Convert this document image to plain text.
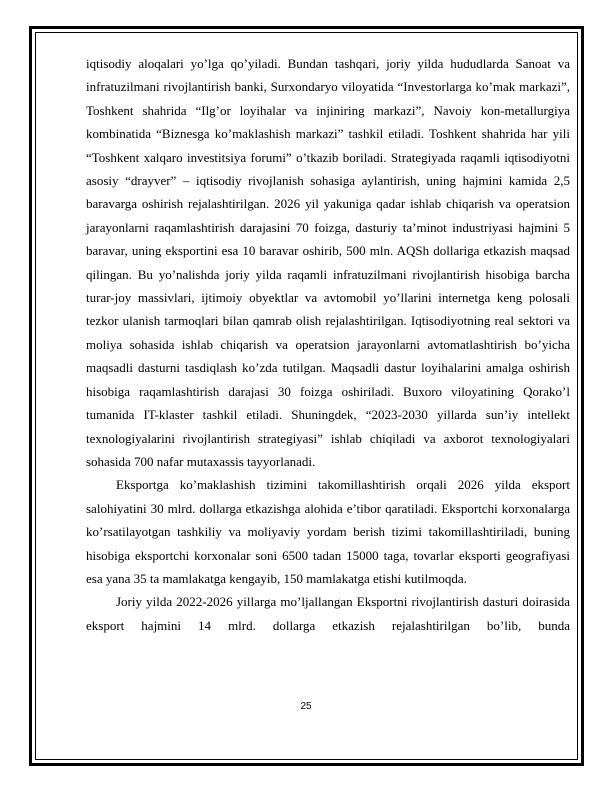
iqtisodiy aloqalari yo’lga qo’yiladi. Bundan tashqari, joriy yilda hududlarda Sanoat va infratuzilmani rivojlantirish banki, Surxondaryo viloyatida “Investorlarga ko’mak markazi”, Toshkent shahrida “Ilg’or loyihalar va injiniring markazi”, Navoiy kon-metallurgiya kombinatida “Biznesga ko’maklashish markazi” tashkil etiladi. Toshkent shahrida har yili “Toshkent xalqaro investitsiya forumi” o’tkazib boriladi. Strategiyada raqamli iqtisodiyotni asosiy “drayver” – iqtisodiy rivojlanish sohasiga aylantirish, uning hajmini kamida 2,5 baravarga oshirish rejalashtirilgan. 2026 yil yakuniga qadar ishlab chiqarish va operatsion jarayonlarni raqamlashtirish darajasini 70 foizga, dasturiy ta’minot industriyasi hajmini 5 baravar, uning eksportini esa 10 baravar oshirib, 500 mln. AQSh dollariga etkazish maqsad qilingan. Bu yo’nalishda joriy yilda raqamli infratuzilmani rivojlantirish hisobiga barcha turar-joy massivlari, ijtimoiy obyektlar va avtomobil yo’llarini internetga keng polosali tezkor ulanish tarmoqlari bilan qamrab olish rejalashtirilgan. Iqtisodiyotning real sektori va moliya sohasida ishlab chiqarish va operatsion jarayonlarni avtomatlashtirish bo’yicha maqsadli dasturni tasdiqlash ko’zda tutilgan. Maqsadli dastur loyihalarini amalga oshirish hisobiga raqamlashtirish darajasi 30 foizga oshiriladi. Buxoro viloyatining Qorako’l tumanida IT-klaster tashkil etiladi. Shuningdek, “2023-2030 yillarda sun’iy intellekt texnologiyalarini rivojlantirish strategiyasi” ishlab chiqiladi va axborot texnologiyalari sohasida 700 nafar mutaxassis tayyorlanadi.

Eksportga ko’maklashish tizimini takomillashtirish orqali 2026 yilda eksport salohiyatini 30 mlrd. dollarga etkazishga alohida e’tibor qaratiladi. Eksportchi korxonalarga ko’rsatilayotgan tashkiliy va moliyaviy yordam berish tizimi takomillashtiriladi, buning hisobiga eksportchi korxonalar soni 6500 tadan 15000 taga, tovarlar eksporti geografiyasi esa yana 35 ta mamlakatga kengayib, 150 mamlakatga etishi kutilmoqda.

Joriy yilda 2022-2026 yillarga mo’ljallangan Eksportni rivojlantirish dasturi doirasida eksport hajmini 14 mlrd. dollarga etkazish rejalashtirilgan bo’lib, bunda

25
